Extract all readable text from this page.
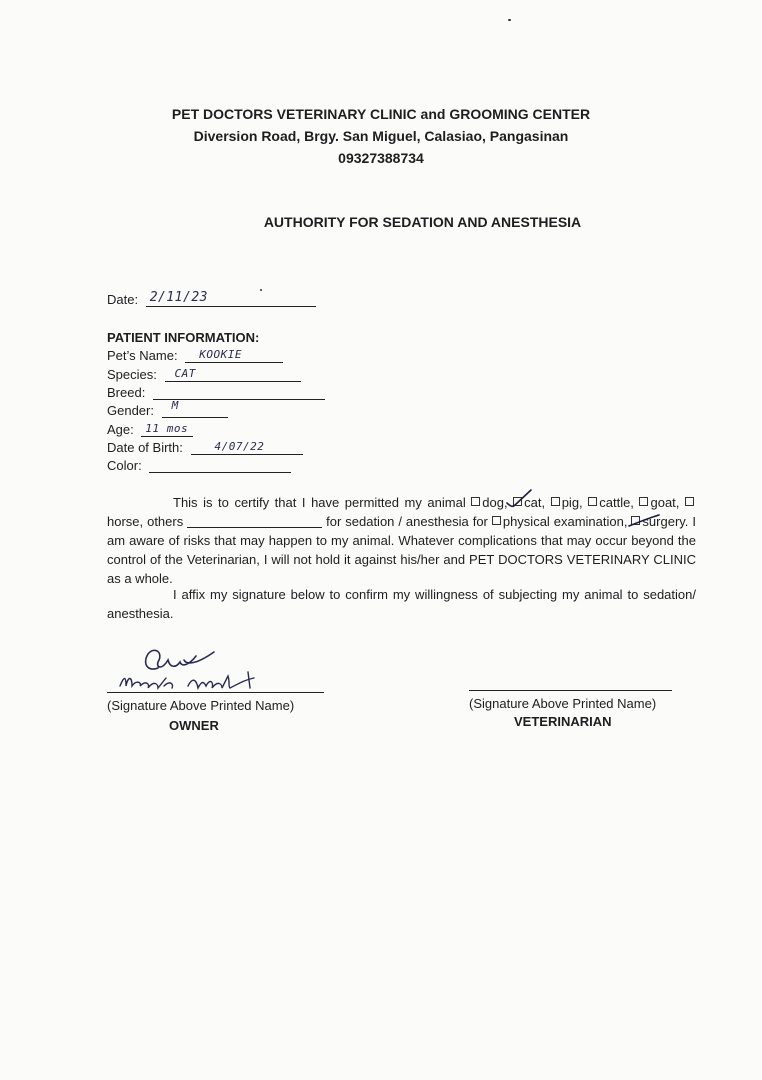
PET DOCTORS VETERINARY CLINIC and GROOMING CENTER
Diversion Road, Brgy. San Miguel, Calasiao, Pangasinan
09327388734
AUTHORITY FOR SEDATION AND ANESTHESIA
Date: 2/11/23
PATIENT INFORMATION:
Pet’s Name: KOOKIE
Species: CAT
Breed:
Gender: M
Age: 11 mos
Date of Birth:	4/07/22
Color:
This is to certify that I have permitted my animal dog, cat, pig, cattle, goat, horse, others	for sedation / anesthesia for physical examination, surgery. I am aware of risks that may happen to my animal. Whatever complications that may occur beyond the control of the Veterinarian, I will not hold it against his/her and PET DOCTORS VETERINARY CLINIC as a whole.
I affix my signature below to confirm my willingness of subjecting my animal to sedation/ anesthesia.
(Signature Above Printed Name)
OWNER
(Signature Above Printed Name)
VETERINARIAN
